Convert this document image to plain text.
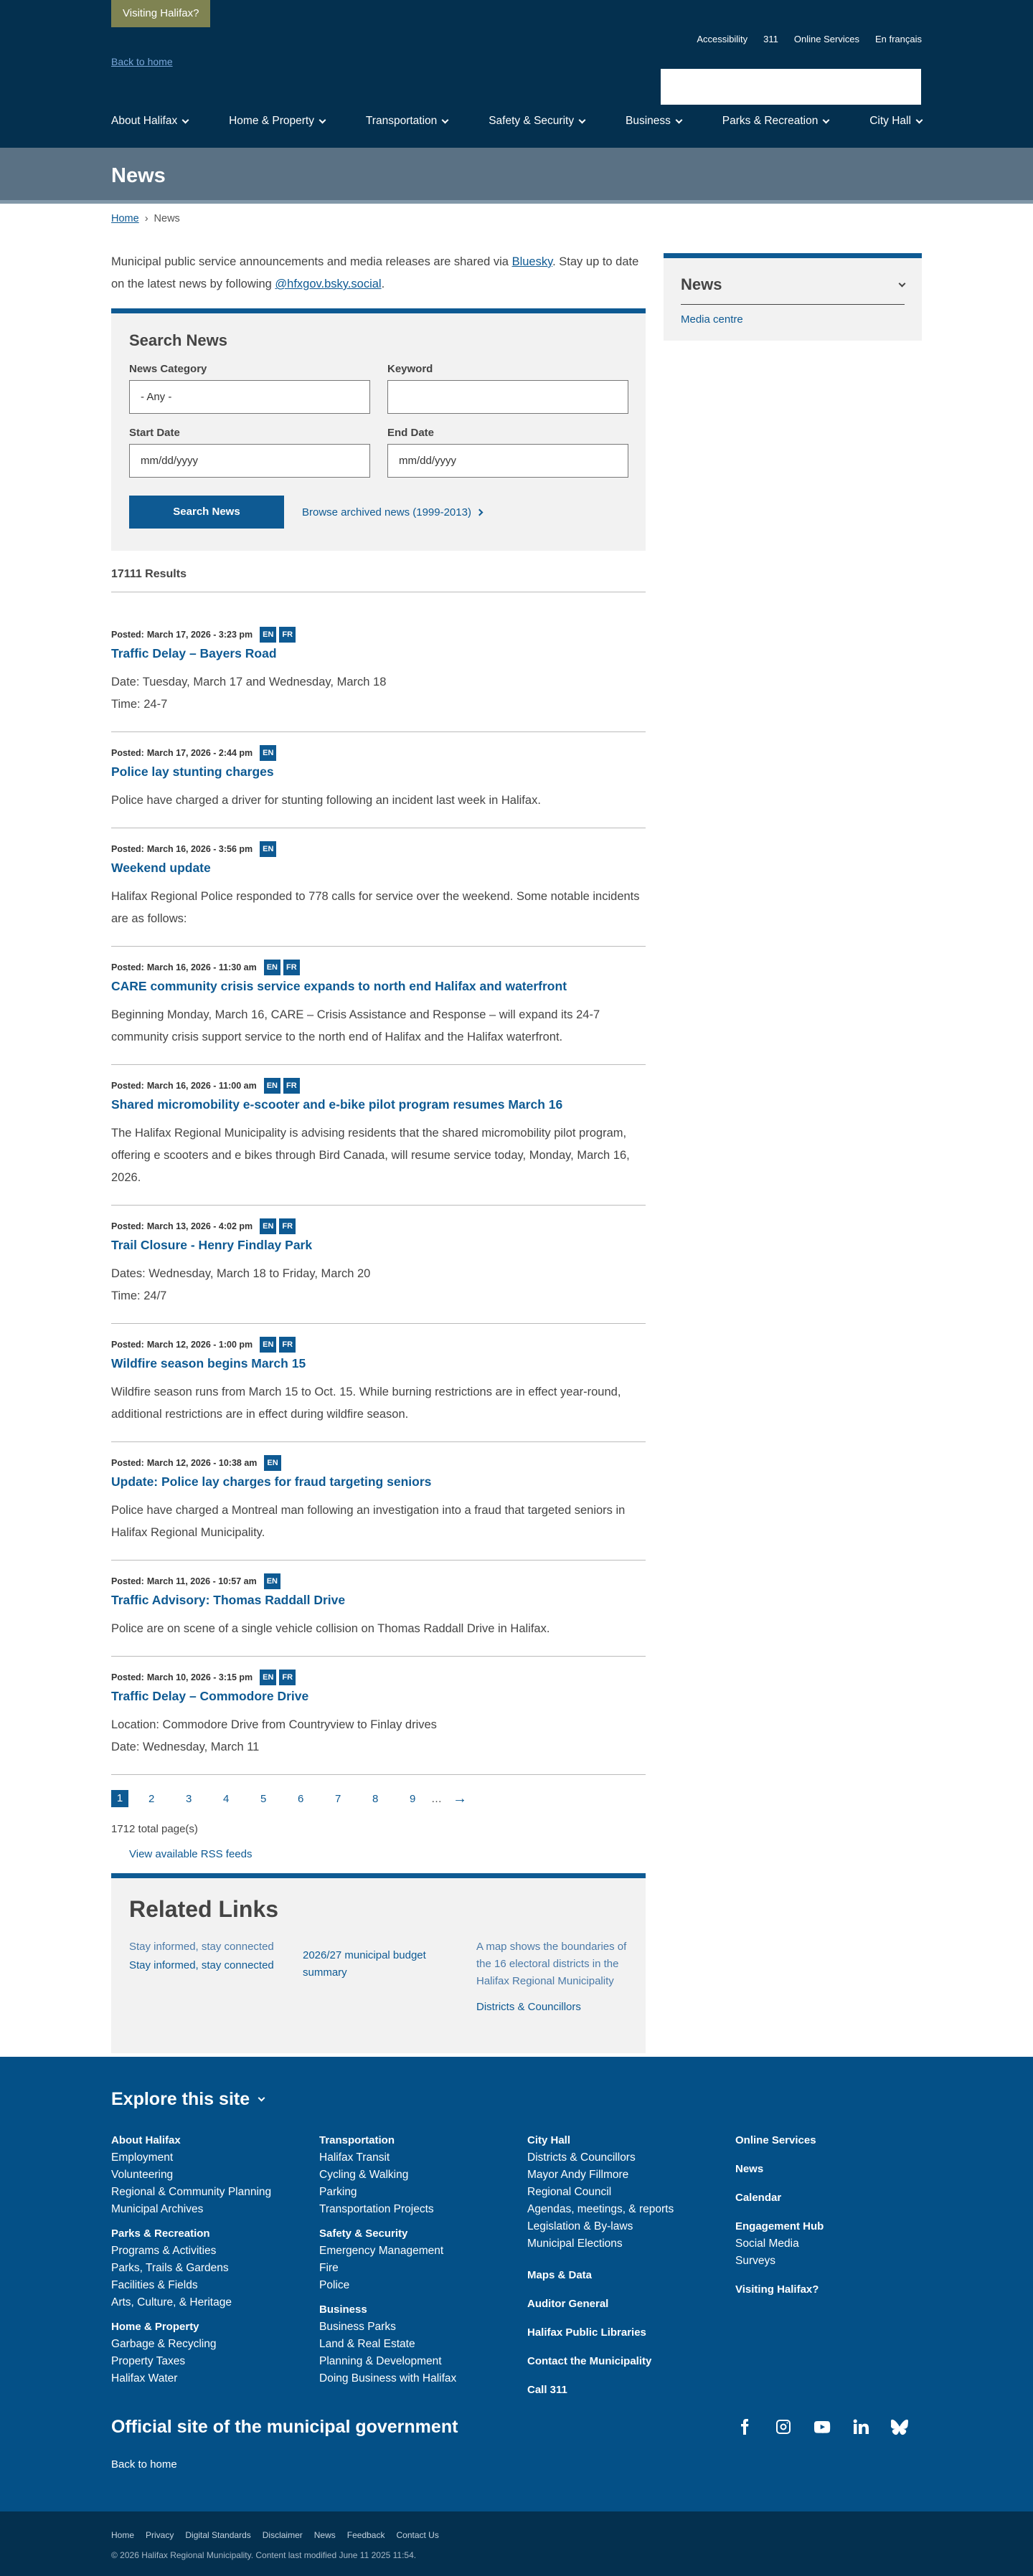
Visiting Halifax?
Accessibility 311 Online Services En français
Back to home
About Halifax	Home & Property	Transportation	Safety & Security	Business	Parks & Recreation	City Hall
News
Home › News

Municipal public service announcements and media releases are shared via Bluesky. Stay up to date on the latest news by following @hfxgov.bsky.social.

Search News
News Category
- Any -
Keyword
Start Date
mm/dd/yyyy
End Date
mm/dd/yyyy
Search News	Browse archived news (1999-2013)
17111 Results
Posted: March 17, 2026 - 3:23 pm	EN	FR
Traffic Delay – Bayers Road

Date: Tuesday, March 17 and Wednesday, March 18

Time: 24-7

Posted: March 17, 2026 - 2:44 pm	EN
Police lay stunting charges

Police have charged a driver for stunting following an incident last week in Halifax.

Posted: March 16, 2026 - 3:56 pm	EN
Weekend update

Halifax Regional Police responded to 778 calls for service over the weekend. Some notable incidents are as follows:

Posted: March 16, 2026 - 11:30 am	EN	FR
CARE community crisis service expands to north end Halifax and waterfront

Beginning Monday, March 16, CARE – Crisis Assistance and Response – will expand its 24-7 community crisis support service to the north end of Halifax and the Halifax waterfront.

Posted: March 16, 2026 - 11:00 am	EN	FR
Shared micromobility e-scooter and e-bike pilot program resumes March 16

The Halifax Regional Municipality is advising residents that the shared micromobility pilot program, offering e scooters and e bikes through Bird Canada, will resume service today, Monday, March 16, 2026.

Posted: March 13, 2026 - 4:02 pm	EN	FR
Trail Closure - Henry Findlay Park

Dates: Wednesday, March 18 to Friday, March 20

Time: 24/7

Posted: March 12, 2026 - 1:00 pm	EN	FR
Wildfire season begins March 15

Wildfire season runs from March 15 to Oct. 15. While burning restrictions are in effect year-round, additional restrictions are in effect during wildfire season.

Posted: March 12, 2026 - 10:38 am	EN
Update: Police lay charges for fraud targeting seniors

Police have charged a Montreal man following an investigation into a fraud that targeted seniors in Halifax Regional Municipality.

Posted: March 11, 2026 - 10:57 am	EN
Traffic Advisory: Thomas Raddall Drive

Police are on scene of a single vehicle collision on Thomas Raddall Drive in Halifax.

Posted: March 10, 2026 - 3:15 pm	EN	FR
Traffic Delay – Commodore Drive

Location: Commodore Drive from Countryview to Finlay drives

Date: Wednesday, March 11

1	2	3	4	5	6	7	8	9	… →
1712 total page(s)
View available RSS feeds
Related Links
Stay informed, stay connected
Stay informed, stay connected
2026/27 municipal budget summary
A map shows the boundaries of the 16 electoral districts in the Halifax Regional Municipality
Districts & Councillors
News
Media centre
Explore this site
About Halifax
Employment
Volunteering
Regional & Community Planning
Municipal Archives
Parks & Recreation
Programs & Activities
Parks, Trails & Gardens
Facilities & Fields
Arts, Culture, & Heritage
Home & Property
Garbage & Recycling
Property Taxes
Halifax Water
Transportation
Halifax Transit
Cycling & Walking
Parking
Transportation Projects
Safety & Security
Emergency Management
Fire
Police
Business
Business Parks
Land & Real Estate
Planning & Development
Doing Business with Halifax
City Hall
Districts & Councillors
Mayor Andy Fillmore
Regional Council
Agendas, meetings, & reports
Legislation & By-laws
Municipal Elections
Maps & Data
Auditor General
Halifax Public Libraries
Contact the Municipality
Call 311
Online Services
News
Calendar
Engagement Hub
Social Media
Surveys
Visiting Halifax?
Official site of the municipal government
Back to home
Home Privacy Digital Standards Disclaimer News Feedback Contact Us
© 2026 Halifax Regional Municipality. Content last modified June 11 2025 11:54.
